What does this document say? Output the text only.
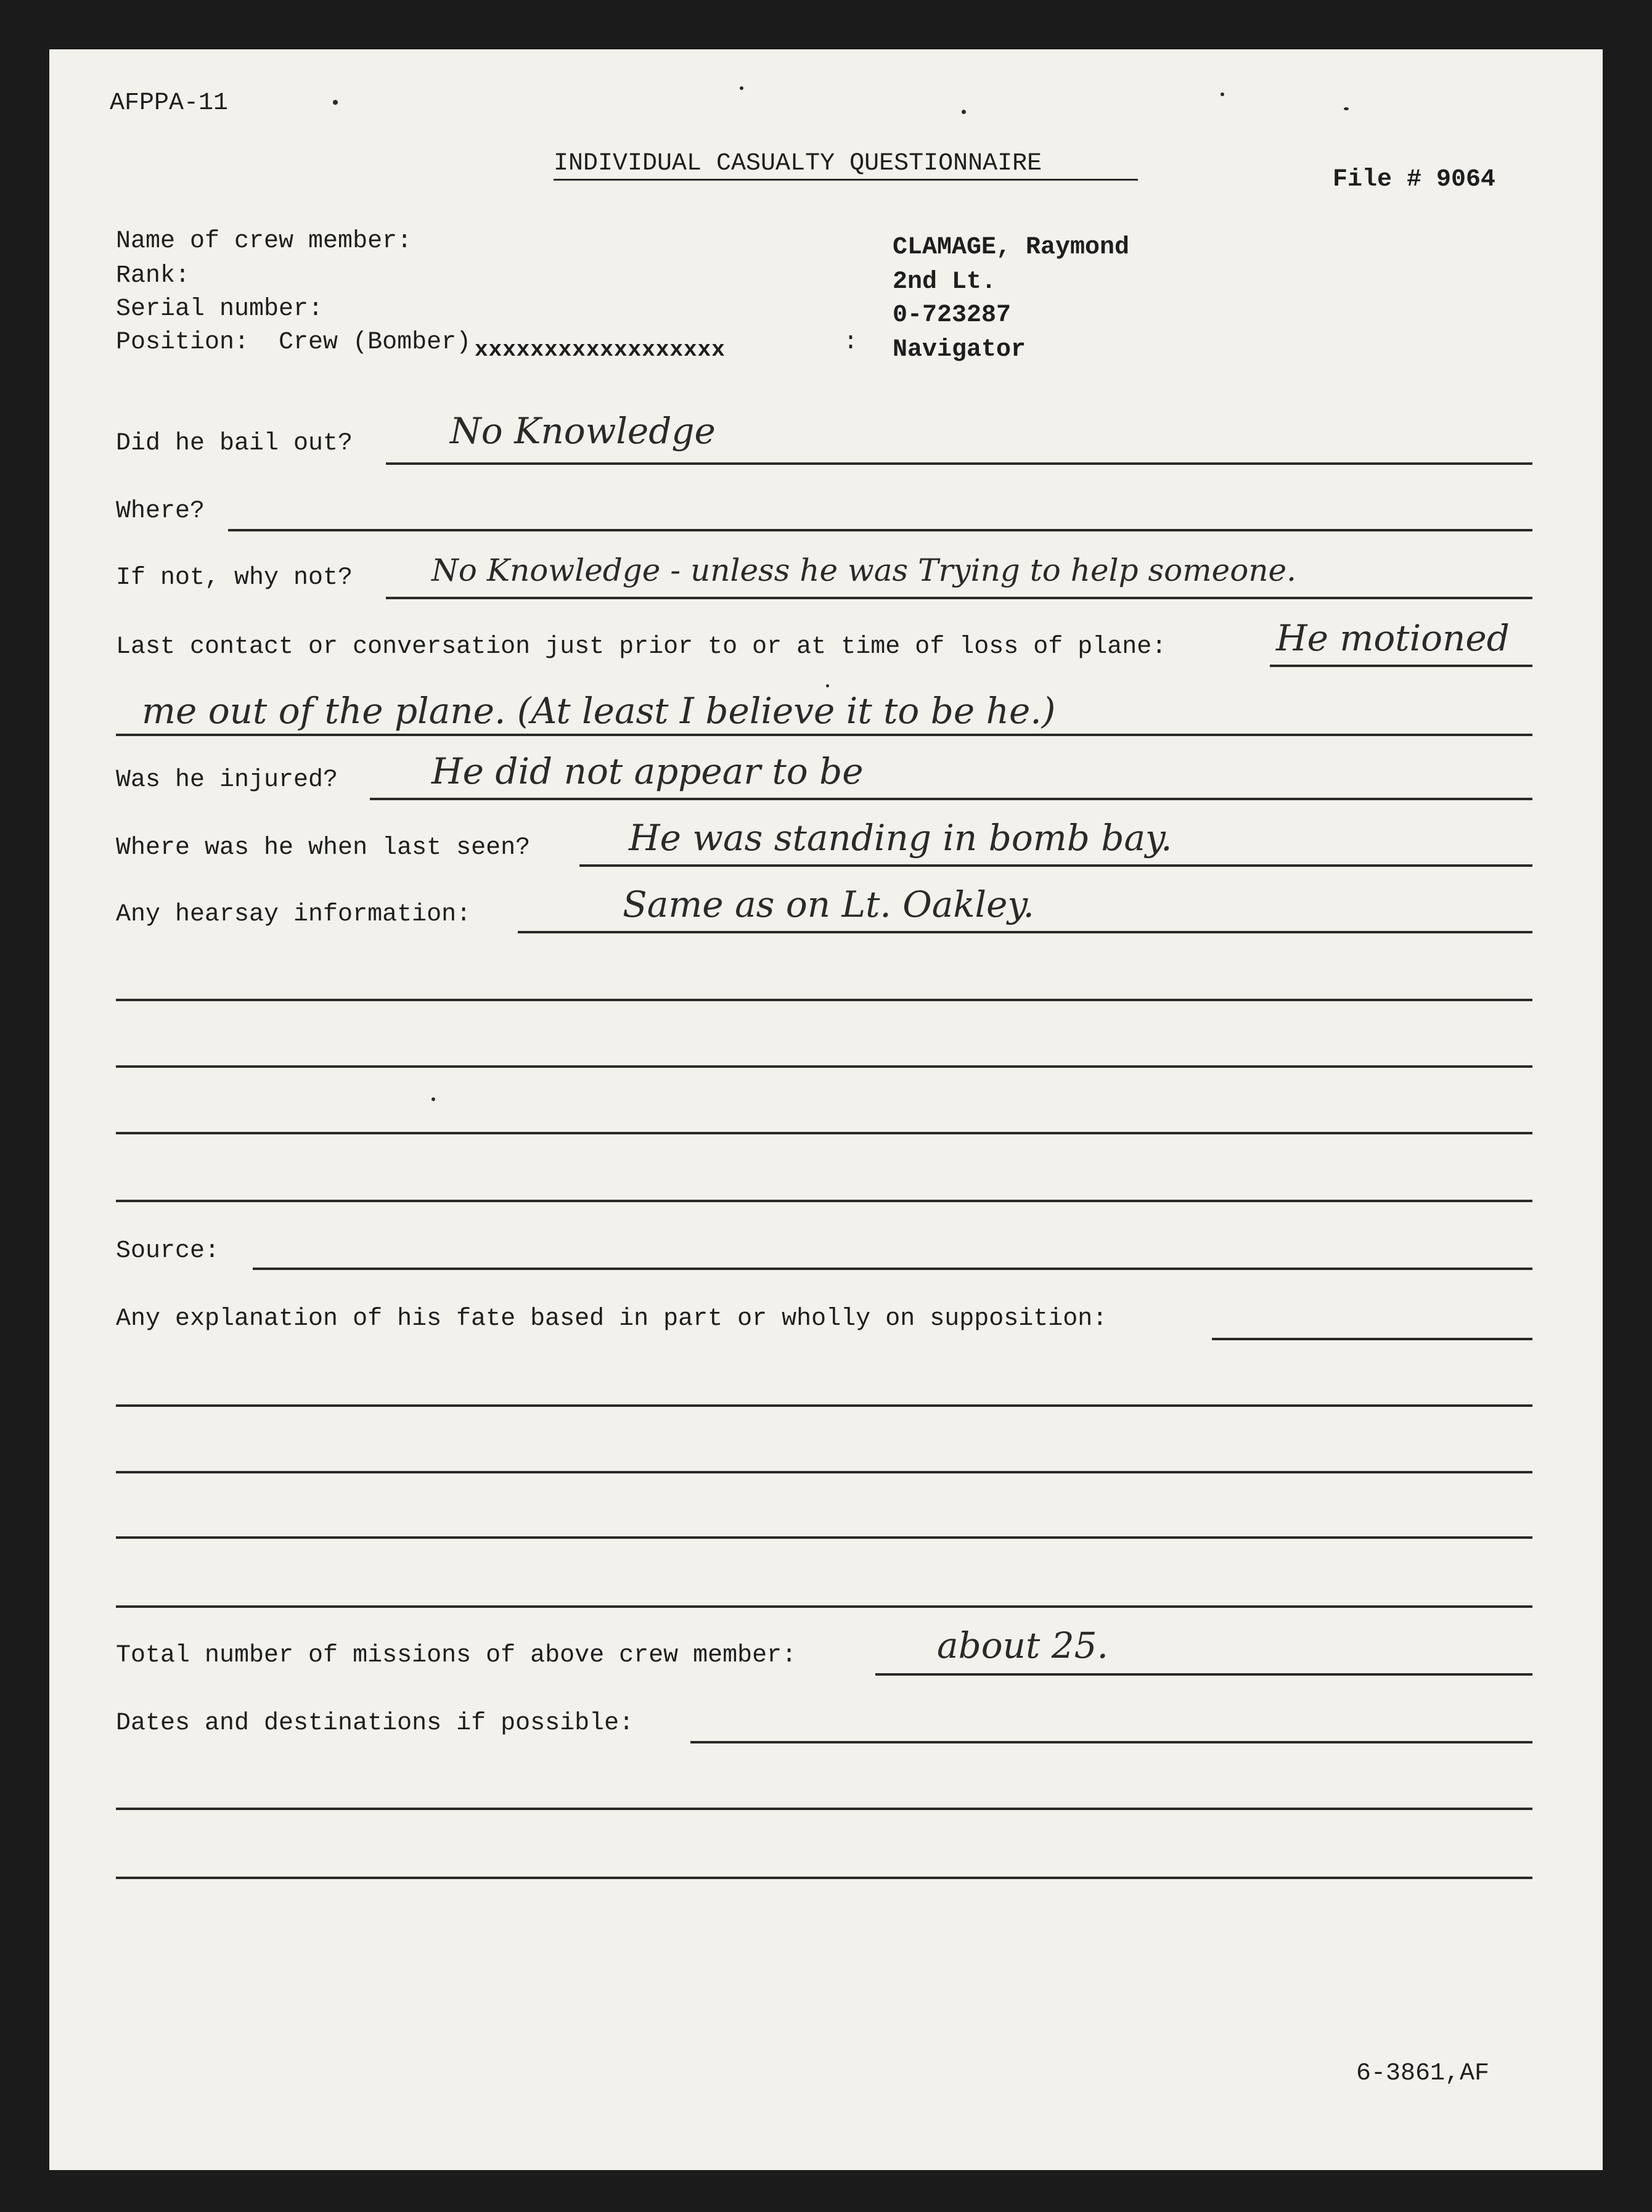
AFPPA-11
INDIVIDUAL CASUALTY QUESTIONNAIRE
File # 9064
Name of crew member:	CLAMAGE, Raymond
Rank:	2nd Lt.
Serial number:	0-723287
Position:  Crew (Bomber) xxxxxxxxxxxxxxxxxx	: Navigator
Did he bail out?	No Knowledge
Where?
If not, why not?	No Knowledge - unless he was Trying to help someone.
Last contact or conversation just prior to or at time of loss of plane:	He motioned
me out of the plane. (At least I believe it to be he.)
Was he injured?	He did not appear to be
Where was he when last seen?	He was standing in bomb bay.
Any hearsay information:	Same as on Lt. Oakley.
Source:
Any explanation of his fate based in part or wholly on supposition:
Total number of missions of above crew member:	about 25.
Dates and destinations if possible:
6-3861,AF
